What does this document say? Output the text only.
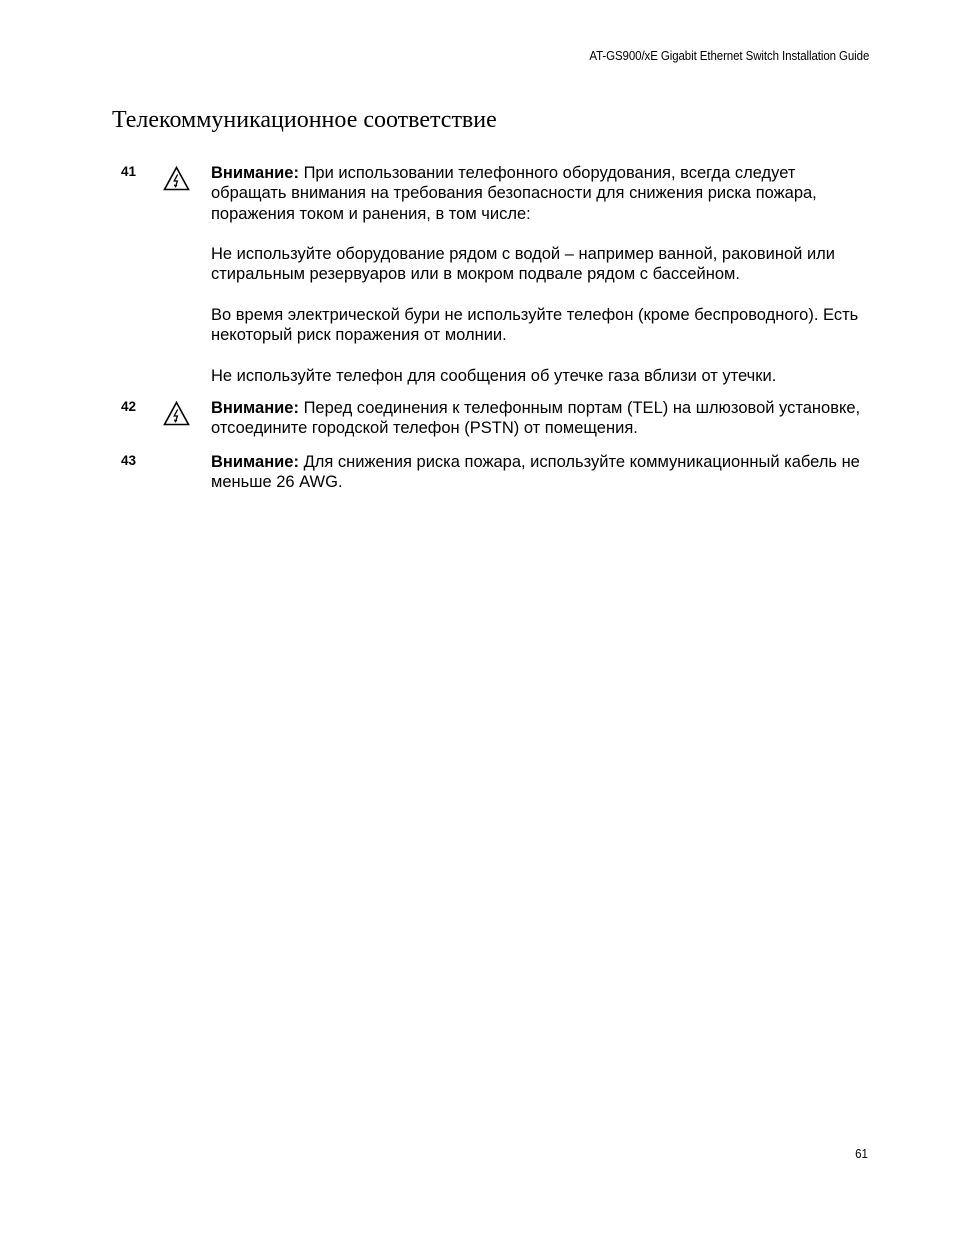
AT-GS900/xE Gigabit Ethernet Switch Installation Guide
Телекоммуникационное соответствие
41	Внимание: При использовании телефонного оборудования, всегда следует обращать внимания на требования безопасности для снижения риска пожара, поражения током и ранения, в том числе:

Не используйте оборудование рядом с водой – например ванной, раковиной или стиральным резервуаров или в мокром подвале рядом с бассейном.

Во время электрической бури не используйте телефон (кроме беспроводного). Есть некоторый риск поражения от молнии.

Не используйте телефон для сообщения об утечке газа вблизи от утечки.

42	Внимание: Перед соединения к телефонным портам (TEL) на шлюзовой установке, отсоедините городской телефон (PSTN) от помещения.

43	Внимание: Для снижения риска пожара, используйте коммуникационный кабель не меньше 26 AWG.

61
